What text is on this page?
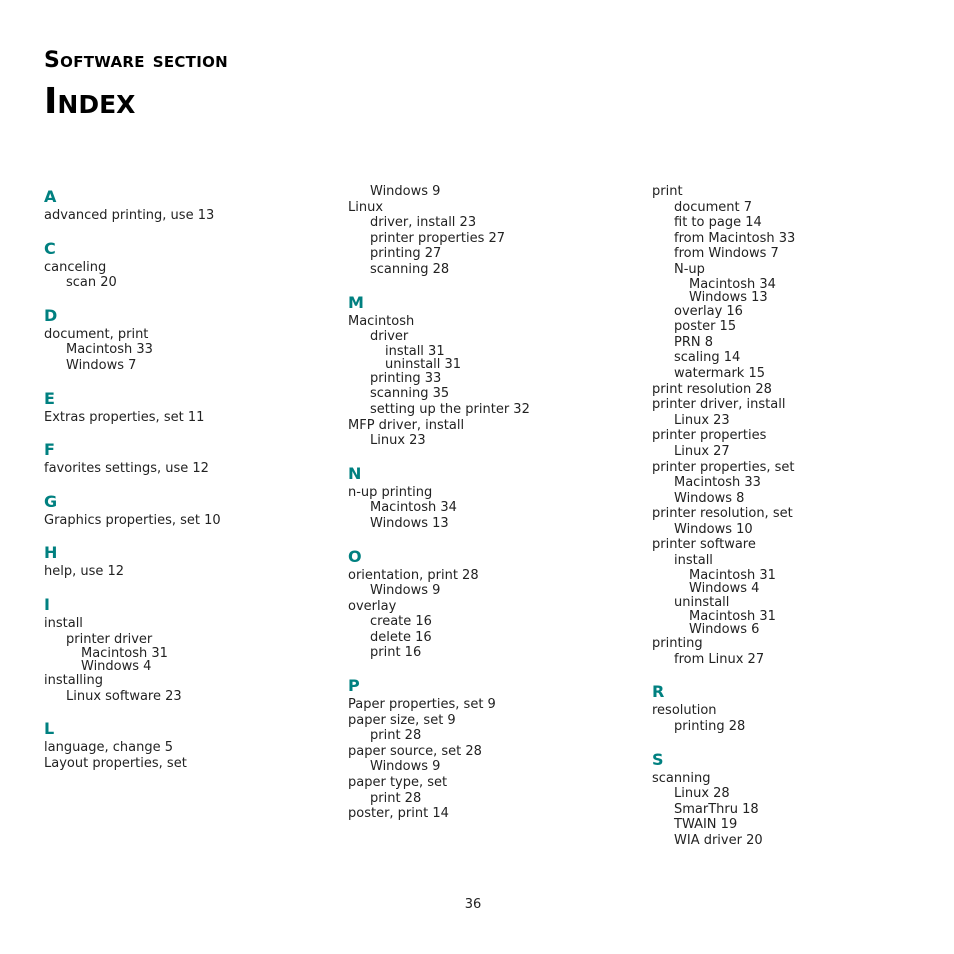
Software section
Index
A
advanced printing, use 13
C
canceling
scan 20
D
document, print
Macintosh 33
Windows 7
E
Extras properties, set 11
F
favorites settings, use 12
G
Graphics properties, set 10
H
help, use 12
I
install
printer driver
Macintosh 31
Windows 4
installing
Linux software 23
L
language, change 5
Layout properties, set
Windows 9
Linux
driver, install 23
printer properties 27
printing 27
scanning 28
M
Macintosh
driver
install 31
uninstall 31
printing 33
scanning 35
setting up the printer 32
MFP driver, install
Linux 23
N
n-up printing
Macintosh 34
Windows 13
O
orientation, print 28
Windows 9
overlay
create 16
delete 16
print 16
P
Paper properties, set 9
paper size, set 9
print 28
paper source, set 28
Windows 9
paper type, set
print 28
poster, print 14
print
document 7
fit to page 14
from Macintosh 33
from Windows 7
N-up
Macintosh 34
Windows 13
overlay 16
poster 15
PRN 8
scaling 14
watermark 15
print resolution 28
printer driver, install
Linux 23
printer properties
Linux 27
printer properties, set
Macintosh 33
Windows 8
printer resolution, set
Windows 10
printer software
install
Macintosh 31
Windows 4
uninstall
Macintosh 31
Windows 6
printing
from Linux 27
R
resolution
printing 28
S
scanning
Linux 28
SmarThru 18
TWAIN 19
WIA driver 20
36
